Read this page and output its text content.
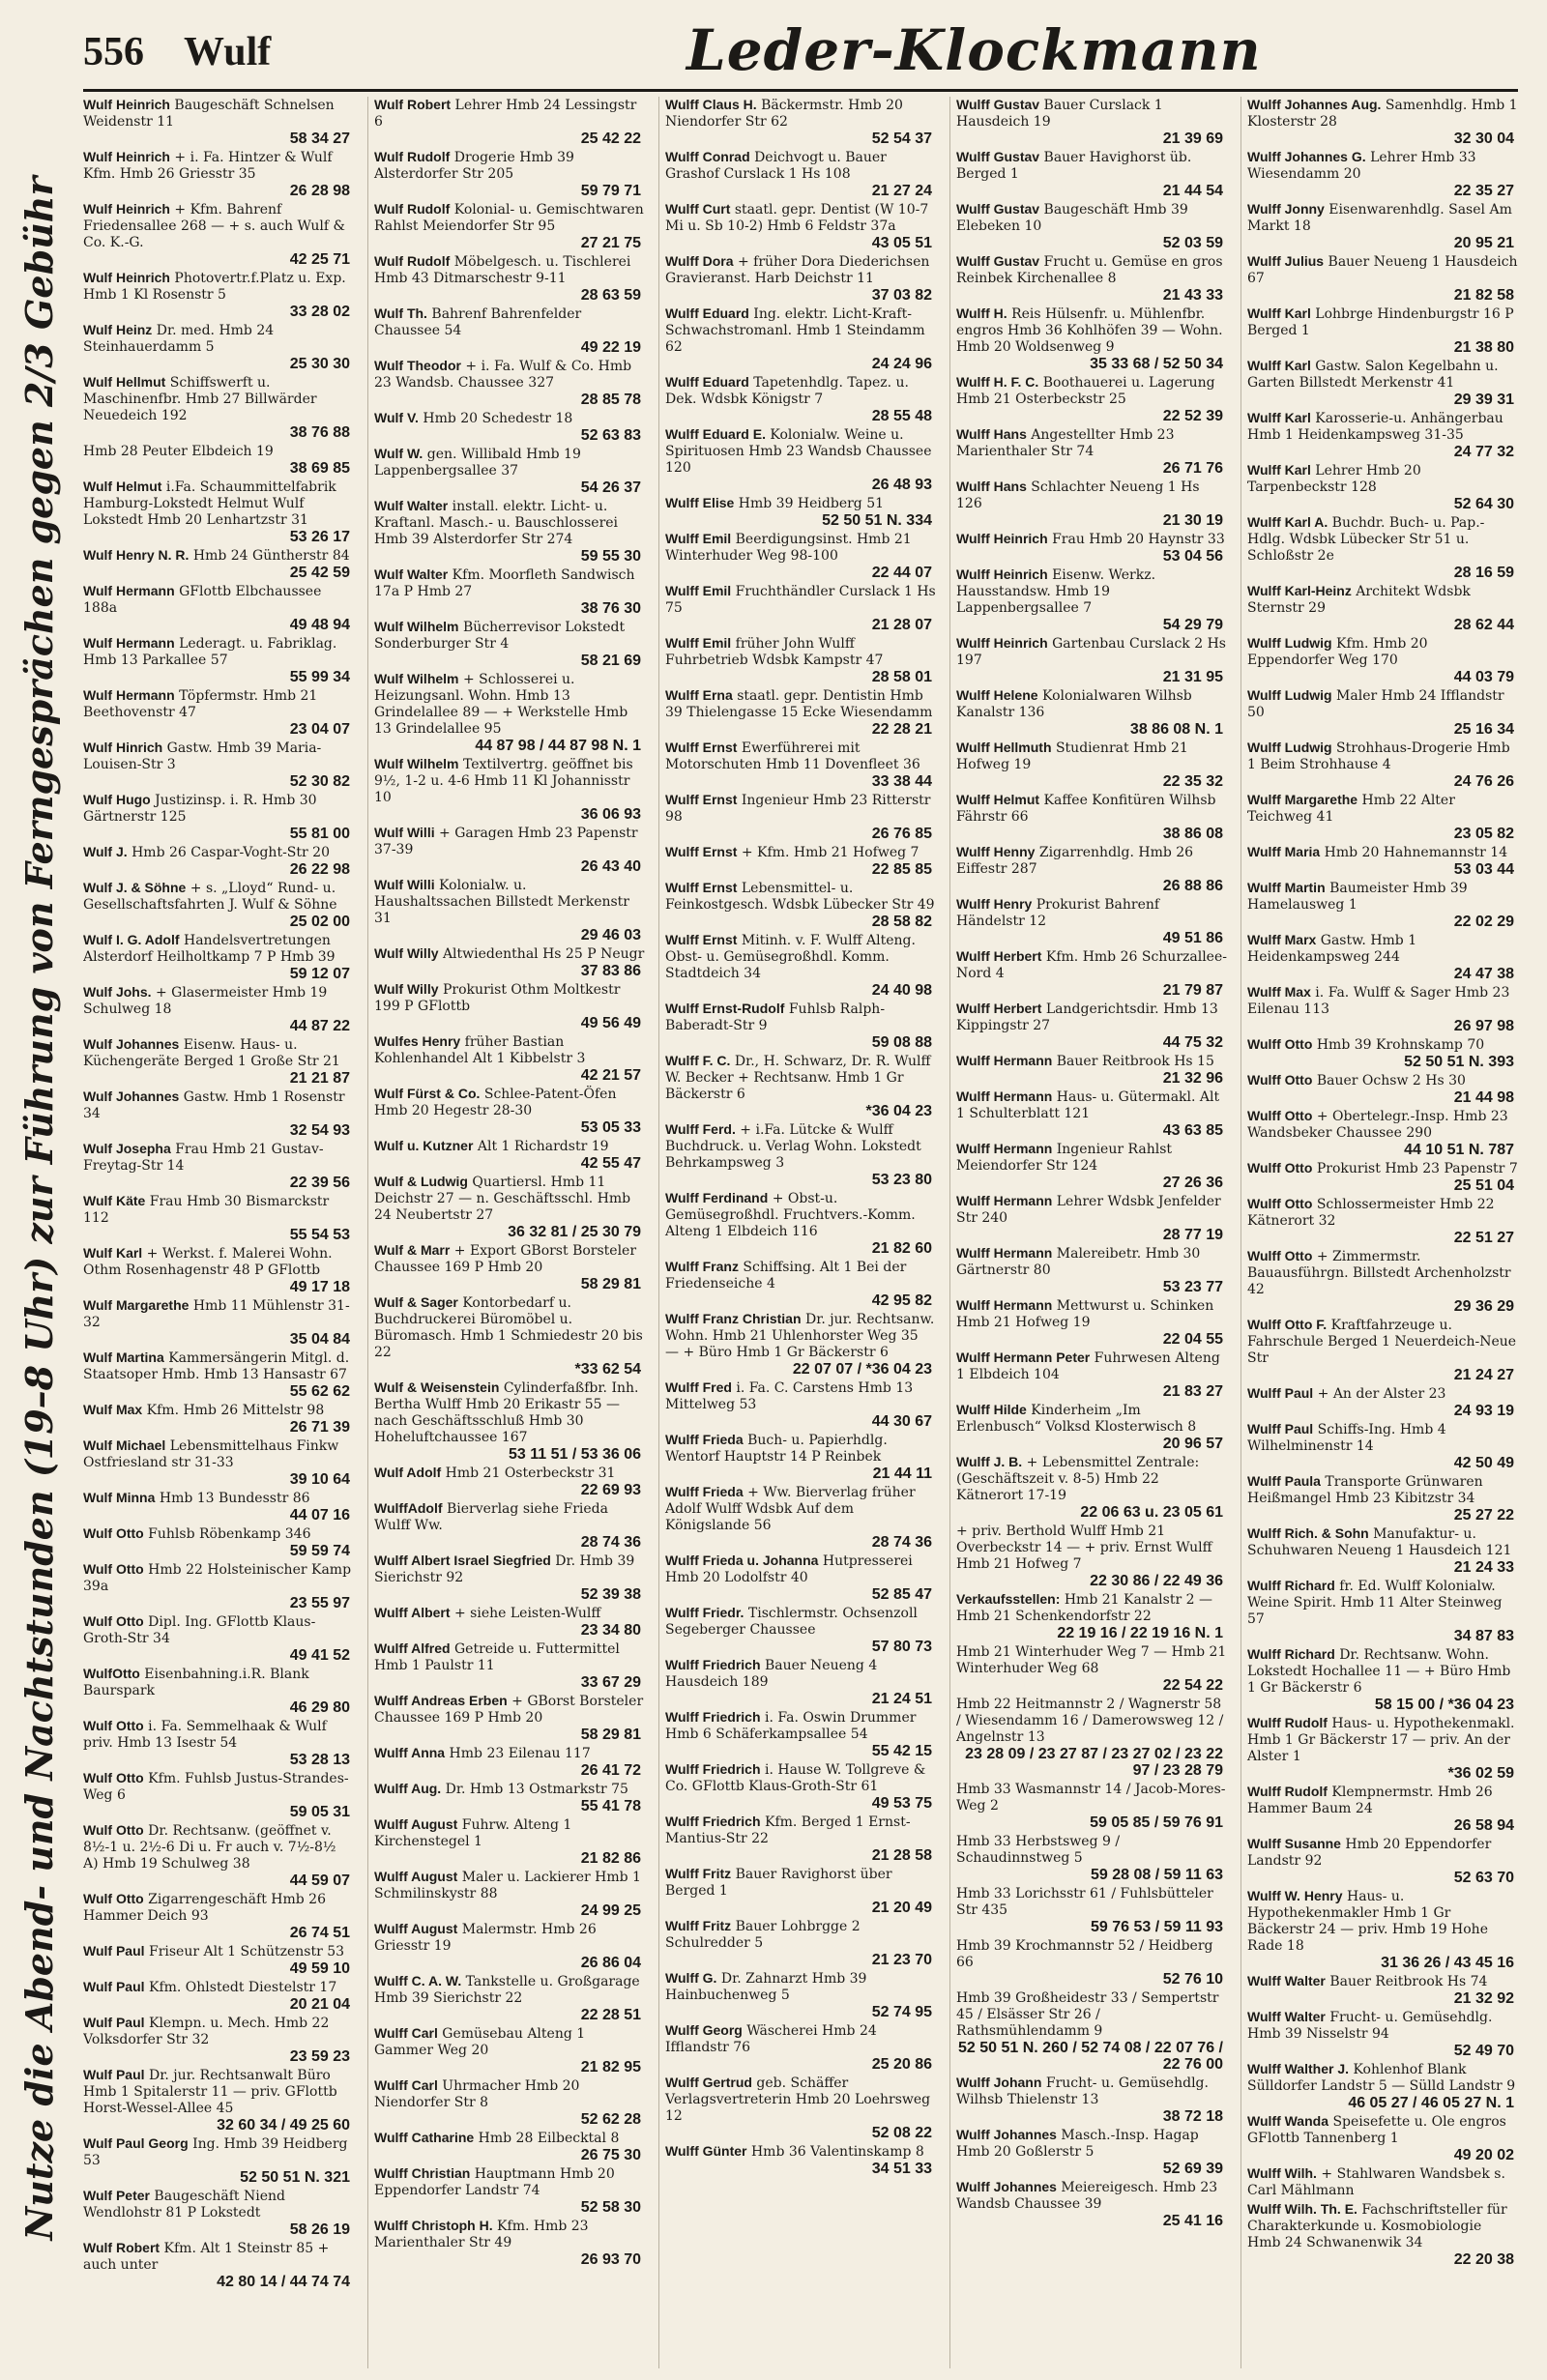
556 Wulf	Leder-Klockmann
Nutze die Abend- und Nachtstunden (19–8 Uhr) zur Führung von Ferngesprächen gegen 2/3 Gebühr
Wulf Heinrich Baugeschäft Schnelsen Weidenstr 11
58 34 27
Wulf Heinrich + i. Fa. Hintzer & Wulf Kfm. Hmb 26 Griesstr 35
26 28 98
Wulf Heinrich + Kfm. Bahrenf Friedensallee 268 — + s. auch Wulf & Co. K.-G.
42 25 71
Wulf Heinrich Photovertr.f.Platz u. Exp. Hmb 1 Kl Rosenstr 5
33 28 02
Wulf Heinz Dr. med. Hmb 24 Steinhauerdamm 5
25 30 30
Wulf Hellmut Schiffswerft u. Maschinenfbr. Hmb 27 Billwärder Neuedeich 192
38 76 88
Hmb 28 Peuter Elbdeich 19
38 69 85
Wulf Helmut i.Fa. Schaummittelfabrik Hamburg-Lokstedt Helmut Wulf Lokstedt Hmb 20 Lenhartzstr 31
53 26 17
Wulf Henry N. R. Hmb 24 Güntherstr 84
25 42 59
Wulf Hermann GFlottb Elbchaussee 188a
49 48 94
Wulf Hermann Lederagt. u. Fabriklag. Hmb 13 Parkallee 57
55 99 34
Wulf Hermann Töpfermstr. Hmb 21 Beethovenstr 47
23 04 07
Wulf Hinrich Gastw. Hmb 39 Maria-Louisen-Str 3
52 30 82
Wulf Hugo Justizinsp. i. R. Hmb 30 Gärtnerstr 125
55 81 00
Wulf J. Hmb 26 Caspar-Voght-Str 20
26 22 98
Wulf J. & Söhne + s. „Lloyd“ Rund- u. Gesellschaftsfahrten J. Wulf & Söhne
25 02 00
Wulf I. G. Adolf Handelsvertretungen Alsterdorf Heilholtkamp 7 P Hmb 39
59 12 07
Wulf Johs. + Glasermeister Hmb 19 Schulweg 18
44 87 22
Wulf Johannes Eisenw. Haus- u. Küchengeräte Berged 1 Große Str 21
21 21 87
Wulf Johannes Gastw. Hmb 1 Rosenstr 34
32 54 93
Wulf Josepha Frau Hmb 21 Gustav-Freytag-Str 14
22 39 56
Wulf Käte Frau Hmb 30 Bismarckstr 112
55 54 53
Wulf Karl + Werkst. f. Malerei Wohn. Othm Rosenhagenstr 48 P GFlottb
49 17 18
Wulf Margarethe Hmb 11 Mühlenstr 31-32
35 04 84
Wulf Martina Kammersängerin Mitgl. d. Staatsoper Hmb. Hmb 13 Hansastr 67
55 62 62
Wulf Max Kfm. Hmb 26 Mittelstr 98
26 71 39
Wulf Michael Lebensmittelhaus Finkw Ostfriesland str 31-33
39 10 64
Wulf Minna Hmb 13 Bundesstr 86
44 07 16
Wulf Otto Fuhlsb Röbenkamp 346
59 59 74
Wulf Otto Hmb 22 Holsteinischer Kamp 39a
23 55 97
Wulf Otto Dipl. Ing. GFlottb Klaus-Groth-Str 34
49 41 52
WulfOtto Eisenbahning.i.R. Blank Baurspark
46 29 80
Wulf Otto i. Fa. Semmelhaak & Wulf priv. Hmb 13 Isestr 54
53 28 13
Wulf Otto Kfm. Fuhlsb Justus-Strandes-Weg 6
59 05 31
Wulf Otto Dr. Rechtsanw. (geöffnet v. 8½-1 u. 2½-6 Di u. Fr auch v. 7½-8½ A) Hmb 19 Schulweg 38
44 59 07
Wulf Otto Zigarrengeschäft Hmb 26 Hammer Deich 93
26 74 51
Wulf Paul Friseur Alt 1 Schützenstr 53
49 59 10
Wulf Paul Kfm. Ohlstedt Diestelstr 17
20 21 04
Wulf Paul Klempn. u. Mech. Hmb 22 Volksdorfer Str 32
23 59 23
Wulf Paul Dr. jur. Rechtsanwalt Büro Hmb 1 Spitalerstr 11 — priv. GFlottb Horst-Wessel-Allee 45
32 60 34 / 49 25 60
Wulf Paul Georg Ing. Hmb 39 Heidberg 53
52 50 51 N. 321
Wulf Peter Baugeschäft Niend Wendlohstr 81 P Lokstedt
58 26 19
Wulf Robert Kfm. Alt 1 Steinstr 85 + auch unter
42 80 14 / 44 74 74
Wulf Robert Lehrer Hmb 24 Lessingstr 6
25 42 22
Wulf Rudolf Drogerie Hmb 39 Alsterdorfer Str 205
59 79 71
Wulf Rudolf Kolonial- u. Gemischtwaren Rahlst Meiendorfer Str 95
27 21 75
Wulf Rudolf Möbelgesch. u. Tischlerei Hmb 43 Ditmarschestr 9-11
28 63 59
Wulf Th. Bahrenf Bahrenfelder Chaussee 54
49 22 19
Wulf Theodor + i. Fa. Wulf & Co. Hmb 23 Wandsb. Chaussee 327
28 85 78
Wulf V. Hmb 20 Schedestr 18
52 63 83
Wulf W. gen. Willibald Hmb 19 Lappenbergsallee 37
54 26 37
Wulf Walter install. elektr. Licht- u. Kraftanl. Masch.- u. Bauschlosserei Hmb 39 Alsterdorfer Str 274
59 55 30
Wulf Walter Kfm. Moorfleth Sandwisch 17a P Hmb 27
38 76 30
Wulf Wilhelm Bücherrevisor Lokstedt Sonderburger Str 4
58 21 69
Wulf Wilhelm + Schlosserei u. Heizungsanl. Wohn. Hmb 13 Grindelallee 89 — + Werkstelle Hmb 13 Grindelallee 95
44 87 98 / 44 87 98 N. 1
Wulf Wilhelm Textilvertrg. geöffnet bis 9½, 1-2 u. 4-6 Hmb 11 Kl Johannisstr 10
36 06 93
Wulf Willi + Garagen Hmb 23 Papenstr 37-39
26 43 40
Wulf Willi Kolonialw. u. Haushaltssachen Billstedt Merkenstr 31
29 46 03
Wulf Willy Altwiedenthal Hs 25 P Neugr
37 83 86
Wulf Willy Prokurist Othm Moltkestr 199 P GFlottb
49 56 49
Wulfes Henry früher Bastian Kohlenhandel Alt 1 Kibbelstr 3
42 21 57
Wulf Fürst & Co. Schlee-Patent-Öfen Hmb 20 Hegestr 28-30
53 05 33
Wulf u. Kutzner Alt 1 Richardstr 19
42 55 47
Wulf & Ludwig Quartiersl. Hmb 11 Deichstr 27 — n. Geschäftsschl. Hmb 24 Neubertstr 27
36 32 81 / 25 30 79
Wulf & Marr + Export GBorst Borsteler Chaussee 169 P Hmb 20
58 29 81
Wulf & Sager Kontorbedarf u. Buchdruckerei Büromöbel u. Büromasch. Hmb 1 Schmiedestr 20 bis 22
*33 62 54
Wulf & Weisenstein Cylinderfaßfbr. Inh. Bertha Wulff Hmb 20 Erikastr 55 — nach Geschäftsschluß Hmb 30 Hoheluftchaussee 167
53 11 51 / 53 36 06
Wulf Adolf Hmb 21 Osterbeckstr 31
22 69 93
WulffAdolf Bierverlag siehe Frieda Wulff Ww.
28 74 36
Wulff Albert Israel Siegfried Dr. Hmb 39 Sierichstr 92
52 39 38
Wulff Albert + siehe Leisten-Wulff
23 34 80
Wulff Alfred Getreide u. Futtermittel Hmb 1 Paulstr 11
33 67 29
Wulff Andreas Erben + GBorst Borsteler Chaussee 169 P Hmb 20
58 29 81
Wulff Anna Hmb 23 Eilenau 117
26 41 72
Wulff Aug. Dr. Hmb 13 Ostmarkstr 75
55 41 78
Wulff August Fuhrw. Alteng 1 Kirchenstegel 1
21 82 86
Wulff August Maler u. Lackierer Hmb 1 Schmilinskystr 88
24 99 25
Wulff August Malermstr. Hmb 26 Griesstr 19
26 86 04
Wulff C. A. W. Tankstelle u. Großgarage Hmb 39 Sierichstr 22
22 28 51
Wulff Carl Gemüsebau Alteng 1 Gammer Weg 20
21 82 95
Wulff Carl Uhrmacher Hmb 20 Niendorfer Str 8
52 62 28
Wulff Catharine Hmb 28 Eilbecktal 8
26 75 30
Wulff Christian Hauptmann Hmb 20 Eppendorfer Landstr 74
52 58 30
Wulff Christoph H. Kfm. Hmb 23 Marienthaler Str 49
26 93 70
Wulff Claus H. Bäckermstr. Hmb 20 Niendorfer Str 62
52 54 37
Wulff Conrad Deichvogt u. Bauer Grashof Curslack 1 Hs 108
21 27 24
Wulff Curt staatl. gepr. Dentist (W 10-7 Mi u. Sb 10-2) Hmb 6 Feldstr 37a
43 05 51
Wulff Dora + früher Dora Diederichsen Gravieranst. Harb Deichstr 11
37 03 82
Wulff Eduard Ing. elektr. Licht-Kraft- Schwachstromanl. Hmb 1 Steindamm 62
24 24 96
Wulff Eduard Tapetenhdlg. Tapez. u. Dek. Wdsbk Königstr 7
28 55 48
Wulff Eduard E. Kolonialw. Weine u. Spirituosen Hmb 23 Wandsb Chaussee 120
26 48 93
Wulff Elise Hmb 39 Heidberg 51
52 50 51 N. 334
Wulff Emil Beerdigungsinst. Hmb 21 Winterhuder Weg 98-100
22 44 07
Wulff Emil Fruchthändler Curslack 1 Hs 75
21 28 07
Wulff Emil früher John Wulff Fuhrbetrieb Wdsbk Kampstr 47
28 58 01
Wulff Erna staatl. gepr. Dentistin Hmb 39 Thielengasse 15 Ecke Wiesendamm
22 28 21
Wulff Ernst Ewerführerei mit Motorschuten Hmb 11 Dovenfleet 36
33 38 44
Wulff Ernst Ingenieur Hmb 23 Ritterstr 98
26 76 85
Wulff Ernst + Kfm. Hmb 21 Hofweg 7
22 85 85
Wulff Ernst Lebensmittel- u. Feinkostgesch. Wdsbk Lübecker Str 49
28 58 82
Wulff Ernst Mitinh. v. F. Wulff Alteng. Obst- u. Gemüsegroßhdl. Komm. Stadtdeich 34
24 40 98
Wulff Ernst-Rudolf Fuhlsb Ralph-Baberadt-Str 9
59 08 88
Wulff F. C. Dr., H. Schwarz, Dr. R. Wulff W. Becker + Rechtsanw. Hmb 1 Gr Bäckerstr 6
*36 04 23
Wulff Ferd. + i.Fa. Lütcke & Wulff Buchdruck. u. Verlag Wohn. Lokstedt Behrkampsweg 3
53 23 80
Wulff Ferdinand + Obst-u. Gemüsegroßhdl. Fruchtvers.-Komm. Alteng 1 Elbdeich 116
21 82 60
Wulff Franz Schiffsing. Alt 1 Bei der Friedenseiche 4
42 95 82
Wulff Franz Christian Dr. jur. Rechtsanw. Wohn. Hmb 21 Uhlenhorster Weg 35 — + Büro Hmb 1 Gr Bäckerstr 6
22 07 07 / *36 04 23
Wulff Fred i. Fa. C. Carstens Hmb 13 Mittelweg 53
44 30 67
Wulff Frieda Buch- u. Papierhdlg. Wentorf Hauptstr 14 P Reinbek
21 44 11
Wulff Frieda + Ww. Bierverlag früher Adolf Wulff Wdsbk Auf dem Königslande 56
28 74 36
Wulff Frieda u. Johanna Hutpresserei Hmb 20 Lodolfstr 40
52 85 47
Wulff Friedr. Tischlermstr. Ochsenzoll Segeberger Chaussee
57 80 73
Wulff Friedrich Bauer Neueng 4 Hausdeich 189
21 24 51
Wulff Friedrich i. Fa. Oswin Drummer Hmb 6 Schäferkampsallee 54
55 42 15
Wulff Friedrich i. Hause W. Tollgreve & Co. GFlottb Klaus-Groth-Str 61
49 53 75
Wulff Friedrich Kfm. Berged 1 Ernst-Mantius-Str 22
21 28 58
Wulff Fritz Bauer Ravighorst über Berged 1
21 20 49
Wulff Fritz Bauer Lohbrgge 2 Schulredder 5
21 23 70
Wulff G. Dr. Zahnarzt Hmb 39 Hainbuchenweg 5
52 74 95
Wulff Georg Wäscherei Hmb 24 Ifflandstr 76
25 20 86
Wulff Gertrud geb. Schäffer Verlagsvertreterin Hmb 20 Loehrsweg 12
52 08 22
Wulff Günter Hmb 36 Valentinskamp 8
34 51 33
Wulff Gustav Bauer Curslack 1 Hausdeich 19
21 39 69
Wulff Gustav Bauer Havighorst üb. Berged 1
21 44 54
Wulff Gustav Baugeschäft Hmb 39 Elebeken 10
52 03 59
Wulff Gustav Frucht u. Gemüse en gros Reinbek Kirchenallee 8
21 43 33
Wulff H. Reis Hülsenfr. u. Mühlenfbr. engros Hmb 36 Kohlhöfen 39 — Wohn. Hmb 20 Woldsenweg 9
35 33 68 / 52 50 34
Wulff H. F. C. Boothauerei u. Lagerung Hmb 21 Osterbeckstr 25
22 52 39
Wulff Hans Angestellter Hmb 23 Marienthaler Str 74
26 71 76
Wulff Hans Schlachter Neueng 1 Hs 126
21 30 19
Wulff Heinrich Frau Hmb 20 Haynstr 33
53 04 56
Wulff Heinrich Eisenw. Werkz. Hausstandsw. Hmb 19 Lappenbergsallee 7
54 29 79
Wulff Heinrich Gartenbau Curslack 2 Hs 197
21 31 95
Wulff Helene Kolonialwaren Wilhsb Kanalstr 136
38 86 08 N. 1
Wulff Hellmuth Studienrat Hmb 21 Hofweg 19
22 35 32
Wulff Helmut Kaffee Konfitüren Wilhsb Fährstr 66
38 86 08
Wulff Henny Zigarrenhdlg. Hmb 26 Eiffestr 287
26 88 86
Wulff Henry Prokurist Bahrenf Händelstr 12
49 51 86
Wulff Herbert Kfm. Hmb 26 Schurzallee-Nord 4
21 79 87
Wulff Herbert Landgerichtsdir. Hmb 13 Kippingstr 27
44 75 32
Wulff Hermann Bauer Reitbrook Hs 15
21 32 96
Wulff Hermann Haus- u. Gütermakl. Alt 1 Schulterblatt 121
43 63 85
Wulff Hermann Ingenieur Rahlst Meiendorfer Str 124
27 26 36
Wulff Hermann Lehrer Wdsbk Jenfelder Str 240
28 77 19
Wulff Hermann Malereibetr. Hmb 30 Gärtnerstr 80
53 23 77
Wulff Hermann Mettwurst u. Schinken Hmb 21 Hofweg 19
22 04 55
Wulff Hermann Peter Fuhrwesen Alteng 1 Elbdeich 104
21 83 27
Wulff Hilde Kinderheim „Im Erlenbusch“ Volksd Klosterwisch 8
20 96 57
Wulff J. B. + Lebensmittel Zentrale: (Geschäftszeit v. 8-5) Hmb 22 Kätnerort 17-19
22 06 63 u. 23 05 61
+ priv. Berthold Wulff Hmb 21 Overbeckstr 14 — + priv. Ernst Wulff Hmb 21 Hofweg 7
22 30 86 / 22 49 36
Verkaufsstellen: Hmb 21 Kanalstr 2 — Hmb 21 Schenkendorfstr 22
22 19 16 / 22 19 16 N. 1
Hmb 21 Winterhuder Weg 7 — Hmb 21 Winterhuder Weg 68
22 54 22
Hmb 22 Heitmannstr 2 / Wagnerstr 58 / Wiesendamm 16 / Damerowsweg 12 / Angelnstr 13
23 28 09 / 23 27 87 / 23 27 02 / 23 22 97 / 23 28 79
Hmb 33 Wasmannstr 14 / Jacob-Mores-Weg 2
59 05 85 / 59 76 91
Hmb 33 Herbstsweg 9 / Schaudinnstweg 5
59 28 08 / 59 11 63
Hmb 33 Lorichsstr 61 / Fuhlsbütteler Str 435
59 76 53 / 59 11 93
Hmb 39 Krochmannstr 52 / Heidberg 66
52 76 10
Hmb 39 Großheidestr 33 / Sempertstr 45 / Elsässer Str 26 / Rathsmühlendamm 9
52 50 51 N. 260 / 52 74 08 / 22 07 76 / 22 76 00
Wulff Johann Frucht- u. Gemüsehdlg. Wilhsb Thielenstr 13
38 72 18
Wulff Johannes Masch.-Insp. Hagap Hmb 20 Goßlerstr 5
52 69 39
Wulff Johannes Meiereigesch. Hmb 23 Wandsb Chaussee 39
25 41 16
Wulff Johannes Aug. Samenhdlg. Hmb 1 Klosterstr 28
32 30 04
Wulff Johannes G. Lehrer Hmb 33 Wiesendamm 20
22 35 27
Wulff Jonny Eisenwarenhdlg. Sasel Am Markt 18
20 95 21
Wulff Julius Bauer Neueng 1 Hausdeich 67
21 82 58
Wulff Karl Lohbrge Hindenburgstr 16 P Berged 1
21 38 80
Wulff Karl Gastw. Salon Kegelbahn u. Garten Billstedt Merkenstr 41
29 39 31
Wulff Karl Karosserie-u. Anhängerbau Hmb 1 Heidenkampsweg 31-35
24 77 32
Wulff Karl Lehrer Hmb 20 Tarpenbeckstr 128
52 64 30
Wulff Karl A. Buchdr. Buch- u. Pap.-Hdlg. Wdsbk Lübecker Str 51 u. Schloßstr 2e
28 16 59
Wulff Karl-Heinz Architekt Wdsbk Sternstr 29
28 62 44
Wulff Ludwig Kfm. Hmb 20 Eppendorfer Weg 170
44 03 79
Wulff Ludwig Maler Hmb 24 Ifflandstr 50
25 16 34
Wulff Ludwig Strohhaus-Drogerie Hmb 1 Beim Strohhause 4
24 76 26
Wulff Margarethe Hmb 22 Alter Teichweg 41
23 05 82
Wulff Maria Hmb 20 Hahnemannstr 14
53 03 44
Wulff Martin Baumeister Hmb 39 Hamelausweg 1
22 02 29
Wulff Marx Gastw. Hmb 1 Heidenkampsweg 244
24 47 38
Wulff Max i. Fa. Wulff & Sager Hmb 23 Eilenau 113
26 97 98
Wulff Otto Hmb 39 Krohnskamp 70
52 50 51 N. 393
Wulff Otto Bauer Ochsw 2 Hs 30
21 44 98
Wulff Otto + Obertelegr.-Insp. Hmb 23 Wandsbeker Chaussee 290
44 10 51 N. 787
Wulff Otto Prokurist Hmb 23 Papenstr 7
25 51 04
Wulff Otto Schlossermeister Hmb 22 Kätnerort 32
22 51 27
Wulff Otto + Zimmermstr. Bauausführgn. Billstedt Archenholzstr 42
29 36 29
Wulff Otto F. Kraftfahrzeuge u. Fahrschule Berged 1 Neuerdeich-Neue Str
21 24 27
Wulff Paul + An der Alster 23
24 93 19
Wulff Paul Schiffs-Ing. Hmb 4 Wilhelminenstr 14
42 50 49
Wulff Paula Transporte Grünwaren Heißmangel Hmb 23 Kibitzstr 34
25 27 22
Wulff Rich. & Sohn Manufaktur- u. Schuhwaren Neueng 1 Hausdeich 121
21 24 33
Wulff Richard fr. Ed. Wulff Kolonialw. Weine Spirit. Hmb 11 Alter Steinweg 57
34 87 83
Wulff Richard Dr. Rechtsanw. Wohn. Lokstedt Hochallee 11 — + Büro Hmb 1 Gr Bäckerstr 6
58 15 00 / *36 04 23
Wulff Rudolf Haus- u. Hypothekenmakl. Hmb 1 Gr Bäckerstr 17 — priv. An der Alster 1
*36 02 59
Wulff Rudolf Klempnermstr. Hmb 26 Hammer Baum 24
26 58 94
Wulff Susanne Hmb 20 Eppendorfer Landstr 92
52 63 70
Wulff W. Henry Haus- u. Hypothekenmakler Hmb 1 Gr Bäckerstr 24 — priv. Hmb 19 Hohe Rade 18
31 36 26 / 43 45 16
Wulff Walter Bauer Reitbrook Hs 74
21 32 92
Wulff Walter Frucht- u. Gemüsehdlg. Hmb 39 Nisselstr 94
52 49 70
Wulff Walther J. Kohlenhof Blank Sülldorfer Landstr 5 — Sülld Landstr 9
46 05 27 / 46 05 27 N. 1
Wulff Wanda Speisefette u. Ole engros GFlottb Tannenberg 1
49 20 02
Wulff Wilh. + Stahlwaren Wandsbek s. Carl Mählmann
Wulff Wilh. Th. E. Fachschriftsteller für Charakterkunde u. Kosmobiologie Hmb 24 Schwanenwik 34
22 20 38
